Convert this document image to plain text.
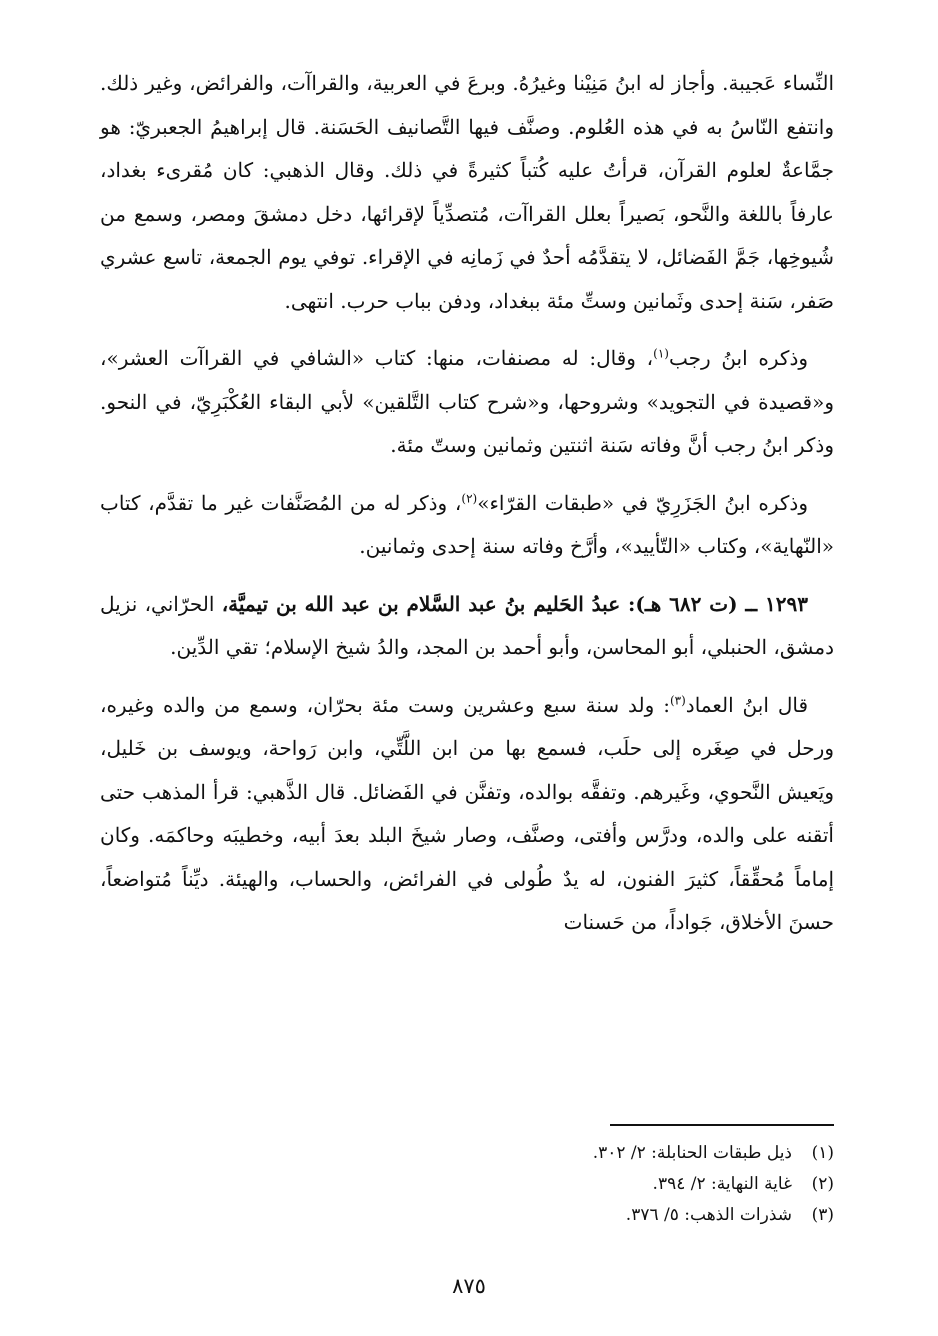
النِّساء عَجيبة. وأجاز له ابنُ مَنِيْنا وغيرُهُ. وبرعَ في العربية، والقراآت، والفرائض، وغير ذلك. وانتفع النّاسُ به في هذه العُلوم. وصنَّف فيها التَّصانيف الحَسَنة. قال إبراهيمُ الجعبريّ: هو جمَّاعةٌ لعلوم القرآن، قرأتُ عليه كُتباً كثيرةً في ذلك. وقال الذهبي: كان مُقرىء بغداد، عارفاً باللغة والنَّحو، بَصيراً بعلل القراآت، مُتصدِّياً لإقرائها، دخل دمشقَ ومصر، وسمع من شُيوخِها، جَمَّ الفَضائل، لا يتقدَّمُه أحدٌ في زَمانِه في الإقراء. توفي يوم الجمعة، تاسع عشري صَفر، سَنة إحدى وثَمانين وستِّ مئة ببغداد، ودفن بباب حرب. انتهى.

وذكره ابنُ رجب$^{(١)}$، وقال: له مصنفات، منها: كتاب «الشافي في القراآت العشر»، و«قصيدة في التجويد» وشروحها، و«شرح كتاب التَّلقين» لأبي البقاء العُكْبَرِيّ، في النحو. وذكر ابنُ رجب أنَّ وفاته سَنة اثنتين وثمانين وستّ مئة.

وذكره ابنُ الجَزَرِيّ في «طبقات القرّاء»$^{(٢)}$، وذكر له من المُصَنَّفات غير ما تقدَّم، كتاب «النّهاية»، وكتاب «التّأييد»، وأرَّخ وفاته سنة إحدى وثمانين.

١٢٩٣ ــ (ت ٦٨٢ هـ): عبدُ الحَليم بنُ عبد السَّلام بن عبد الله بن تيميَّة، الحرّاني، نزيل دمشق، الحنبلي، أبو المحاسن، وأبو أحمد بن المجد، والدُ شيخ الإسلام؛ تقي الدِّين.

قال ابنُ العماد$^{(٣)}$: ولد سنة سبع وعشرين وست مئة بحرّان، وسمع من والده وغيره، ورحل في صِغَره إلى حلَب، فسمع بها من ابن اللَّتِّي، وابن رَواحة، ويوسف بن خَليل، ويَعيش النَّحوي، وغَيرهم. وتفقَّه بوالده، وتفنَّن في الفَضائل. قال الذَّهبي: قرأ المذهب حتى أتقنه على والده، ودرَّس وأفتى، وصنَّف، وصار شيخَ البلد بعدَ أبيه، وخطيبَه وحاكمَه. وكان إماماً مُحقِّقاً، كثيرَ الفنون، له يدٌ طُولى في الفرائض، والحساب، والهيئة. ديِّناً مُتواضعاً، حسنَ الأخلاق، جَواداً، من حَسنات

(١)ذيل طبقات الحنابلة: ٢/ ٣٠٢.
(٢)غاية النهاية: ٢/ ٣٩٤.
(٣)شذرات الذهب: ٥/ ٣٧٦.
٨٧٥
